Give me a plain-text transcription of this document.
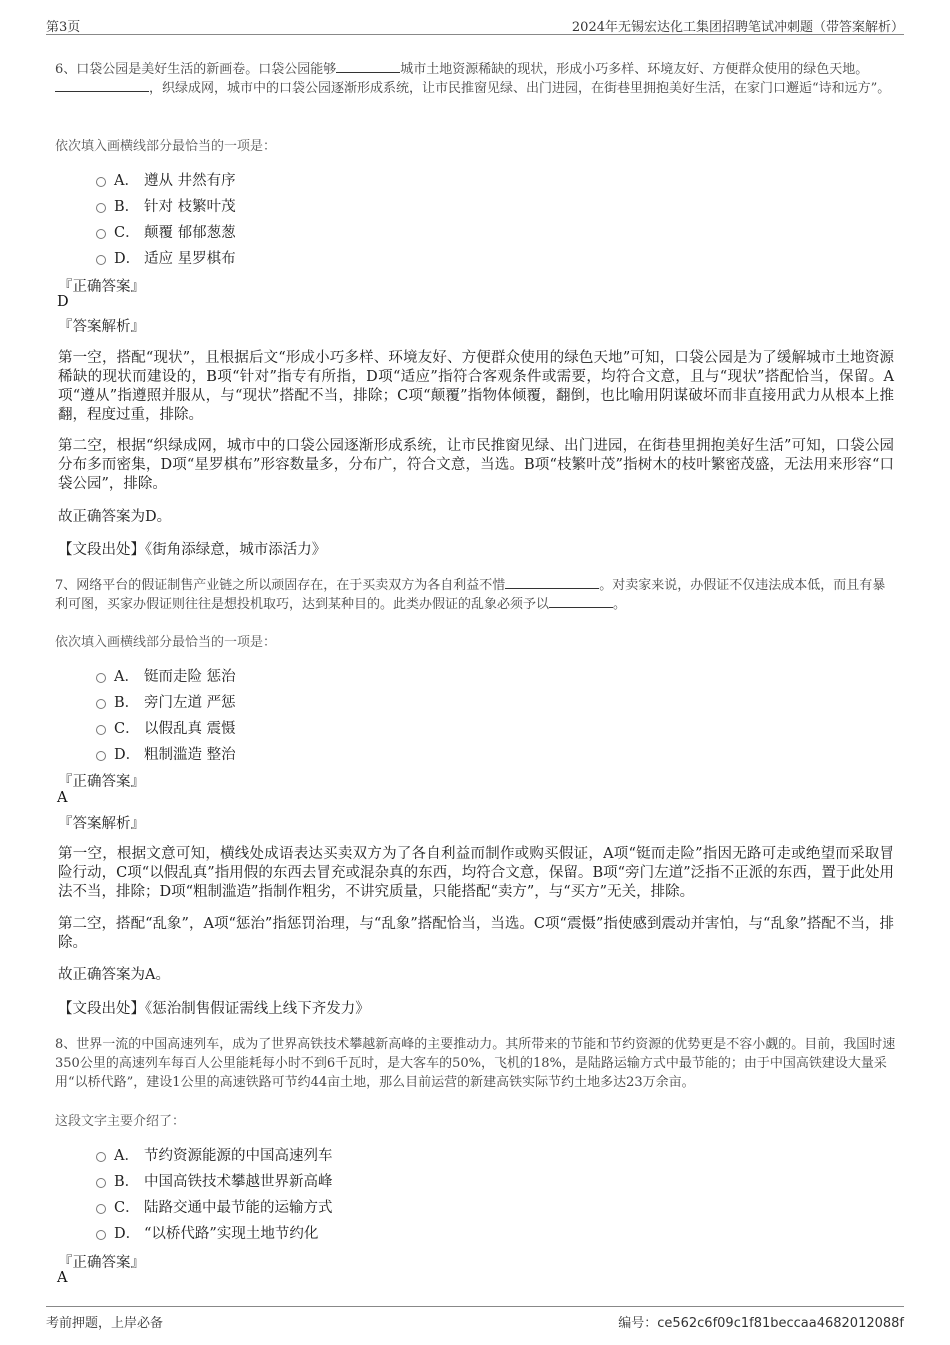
第3页	2024年无锡宏达化工集团招聘笔试冲刺题（带答案解析）
6、口袋公园是美好生活的新画卷。口袋公园能够	城市土地资源稀缺的现状，形成小巧多样、环境友好、方便群众使用的绿色天地。
，织绿成网，城市中的口袋公园逐渐形成系统，让市民推窗见绿、出门进园，在街巷里拥抱美好生活，在家门口邂逅“诗和远方”。
依次填入画横线部分最恰当的一项是：
A． 遵从 井然有序
B． 针对 枝繁叶茂
C． 颠覆 郁郁葱葱
D． 适应 星罗棋布
『正确答案』
D
『答案解析』
第一空，搭配“现状”，且根据后文“形成小巧多样、环境友好、方便群众使用的绿色天地”可知，口袋公园是为了缓解城市土地资源稀缺的现状而建设的，B项“针对”指专有所指，D项“适应”指符合客观条件或需要，均符合文意，且与“现状”搭配恰当，保留。A项“遵从”指遵照并服从，与“现状”搭配不当，排除；C项“颠覆”指物体倾覆，翻倒，也比喻用阴谋破坏而非直接用武力从根本上推翻，程度过重，排除。
第二空，根据“织绿成网，城市中的口袋公园逐渐形成系统，让市民推窗见绿、出门进园，在街巷里拥抱美好生活”可知，口袋公园分布多而密集，D项“星罗棋布”形容数量多，分布广，符合文意，当选。B项“枝繁叶茂”指树木的枝叶繁密茂盛，无法用来形容“口袋公园”，排除。
故正确答案为D。
【文段出处】《街角添绿意，城市添活力》
7、网络平台的假证制售产业链之所以顽固存在，在于买卖双方为各自利益不惜	。对卖家来说，办假证不仅违法成本低，而且有暴利可图，买家办假证则往往是想投机取巧，达到某种目的。此类办假证的乱象必须予以	。
依次填入画横线部分最恰当的一项是：
A． 铤而走险 惩治
B． 旁门左道 严惩
C． 以假乱真 震慑
D． 粗制滥造 整治
『正确答案』
A
『答案解析』
第一空，根据文意可知，横线处成语表达买卖双方为了各自利益而制作或购买假证，A项“铤而走险”指因无路可走或绝望而采取冒险行动，C项“以假乱真”指用假的东西去冒充或混杂真的东西，均符合文意，保留。B项“旁门左道”泛指不正派的东西，置于此处用法不当，排除；D项“粗制滥造”指制作粗劣，不讲究质量，只能搭配“卖方”，与“买方”无关，排除。
第二空，搭配“乱象”，A项“惩治”指惩罚治理，与“乱象”搭配恰当，当选。C项“震慑”指使感到震动并害怕，与“乱象”搭配不当，排除。
故正确答案为A。
【文段出处】《惩治制售假证需线上线下齐发力》
8、世界一流的中国高速列车，成为了世界高铁技术攀越新高峰的主要推动力。其所带来的节能和节约资源的优势更是不容小觑的。目前，我国时速350公里的高速列车每百人公里能耗每小时不到6千瓦时，是大客车的50%，飞机的18%，是陆路运输方式中最节能的；由于中国高铁建设大量采用“以桥代路”，建设1公里的高速铁路可节约44亩土地，那么目前运营的新建高铁实际节约土地多达23万余亩。
这段文字主要介绍了：
A． 节约资源能源的中国高速列车
B． 中国高铁技术攀越世界新高峰
C． 陆路交通中最节能的运输方式
D． “以桥代路”实现土地节约化
『正确答案』
A
考前押题，上岸必备	编号：ce562c6f09c1f81beccaa4682012088f
